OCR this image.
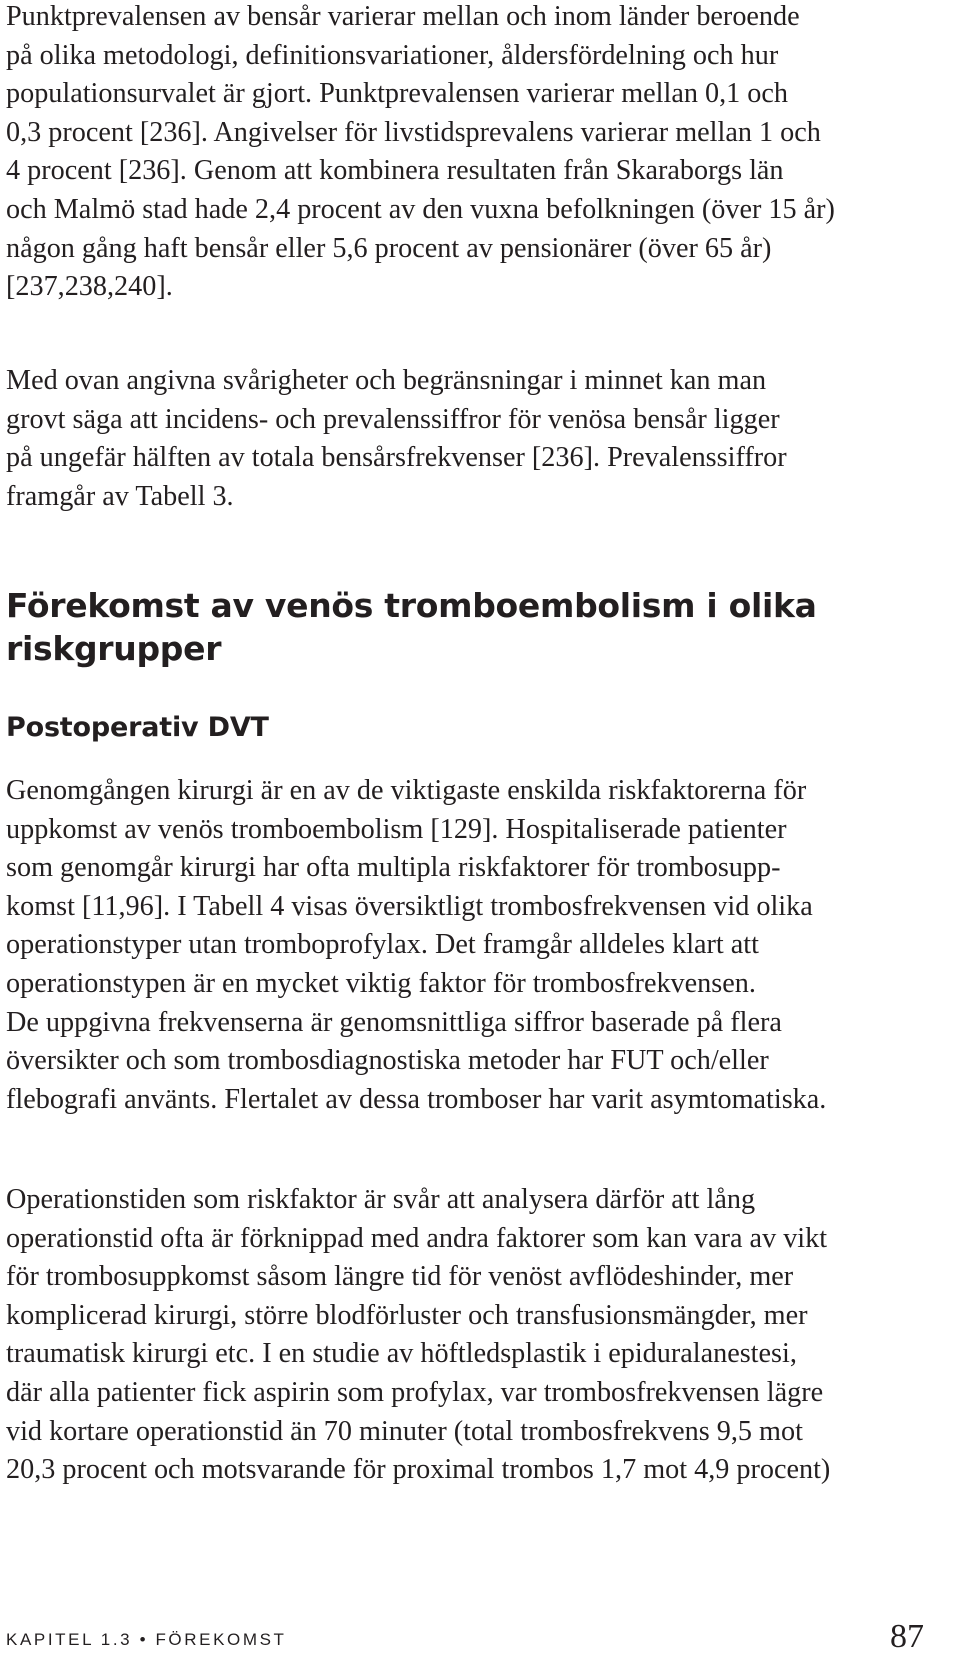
Punktprevalensen av bensår varierar mellan och inom länder beroende
på olika metodologi, definitionsvariationer, åldersfördelning och hur
populationsurvalet är gjort. Punktprevalensen varierar mellan 0,1 och
0,3 procent [236]. Angivelser för livstidsprevalens varierar mellan 1 och
4 procent [236]. Genom att kombinera resultaten från Skaraborgs län
och Malmö stad hade 2,4 procent av den vuxna befolkningen (över 15 år)
någon gång haft bensår eller 5,6 procent av pensionärer (över 65 år)
[237,238,240].
Med ovan angivna svårigheter och begränsningar i minnet kan man
grovt säga att incidens- och prevalenssiffror för venösa bensår ligger
på ungefär hälften av totala bensårsfrekvenser [236]. Prevalenssiffror
framgår av Tabell 3.
Förekomst av venös tromboembolism i olika
riskgrupper
Postoperativ DVT
Genomgången kirurgi är en av de viktigaste enskilda riskfaktorerna för
uppkomst av venös tromboembolism [129]. Hospitaliserade patienter
som genomgår kirurgi har ofta multipla riskfaktorer för trombosupp-
komst [11,96]. I Tabell 4 visas översiktligt trombosfrekvensen vid olika
operationstyper utan tromboprofylax. Det framgår alldeles klart att
operationstypen är en mycket viktig faktor för trombosfrekvensen.
De uppgivna frekvenserna är genomsnittliga siffror baserade på flera
översikter och som trombosdiagnostiska metoder har FUT och/eller
flebografi använts. Flertalet av dessa tromboser har varit asymtomatiska.
Operationstiden som riskfaktor är svår att analysera därför att lång
operationstid ofta är förknippad med andra faktorer som kan vara av vikt
för trombosuppkomst såsom längre tid för venöst avflödeshinder, mer
komplicerad kirurgi, större blodförluster och transfusionsmängder, mer
traumatisk kirurgi etc. I en studie av höftledsplastik i epiduralanestesi,
där alla patienter fick aspirin som profylax, var trombosfrekvensen lägre
vid kortare operationstid än 70 minuter (total trombosfrekvens 9,5 mot
20,3 procent och motsvarande för proximal trombos 1,7 mot 4,9 procent)
KAPITEL 1.3 • FÖREKOMST	87
